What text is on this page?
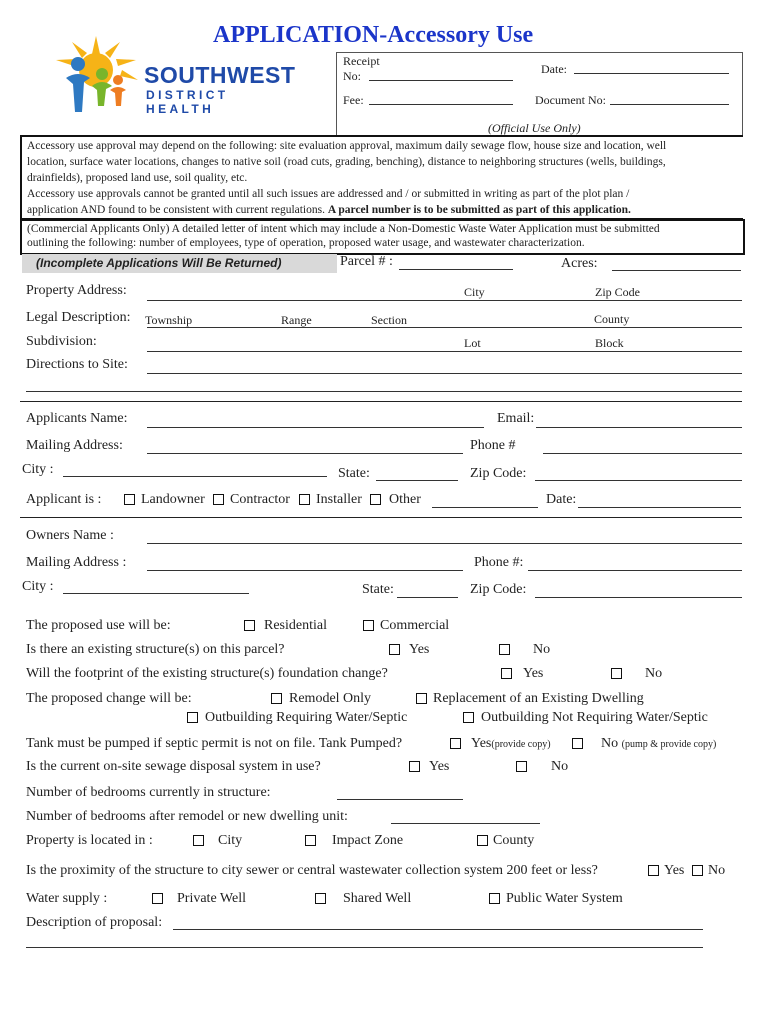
SOUTHWEST
DISTRICT HEALTH
APPLICATION-Accessory Use
Receipt
No:	Date:
Fee:	Document No:
(Official Use Only)
Accessory use approval may depend on the following: site evaluation approval, maximum daily sewage flow, house size and location, well
location, surface water locations, changes to native soil (road cuts, grading, benching), distance to neighboring structures (wells, buildings,
drainfields), proposed land use, soil quality, etc.
Accessory use approvals cannot be granted until all such issues are addressed and / or submitted in writing as part of the plot plan /
application AND found to be consistent with current regulations. A parcel number is to be submitted as part of this application.
(Commercial Applicants Only) A detailed letter of intent which may include a Non-Domestic Waste Water Application must be submitted
outlining the following: number of employees, type of operation, proposed water usage, and wastewater characterization.
(Incomplete Applications Will Be Returned)	Parcel # :	Acres:
Property Address:	City	Zip Code
Legal Description: Township	Range	Section	County
Subdivision:	Lot	Block
Directions to Site:
Applicants Name:	Email:
Mailing Address:	Phone #
City :	State:	Zip Code:
Applicant is :	Landowner Contractor Installer Other	Date:
Owners Name :
Mailing Address :	Phone #:
City :	State:	Zip Code:
The proposed use will be:	Residential	Commercial
Is there an existing structure(s) on this parcel?	Yes	No
Will the footprint of the existing structure(s) foundation change?	Yes	No
The proposed change will be:	Remodel Only	Replacement of an Existing Dwelling
Outbuilding Requiring Water/Septic	Outbuilding Not Requiring Water/Septic
Tank must be pumped if septic permit is not on file. Tank Pumped?	Yes(provide copy)	No (pump & provide copy)
Is the current on-site sewage disposal system in use?	Yes	No
Number of bedrooms currently in structure:
Number of bedrooms after remodel or new dwelling unit:
Property is located in :	City	Impact Zone	County
Is the proximity of the structure to city sewer or central wastewater collection system 200 feet or less?	Yes No
Water supply :	Private Well	Shared Well	Public Water System
Description of proposal:
